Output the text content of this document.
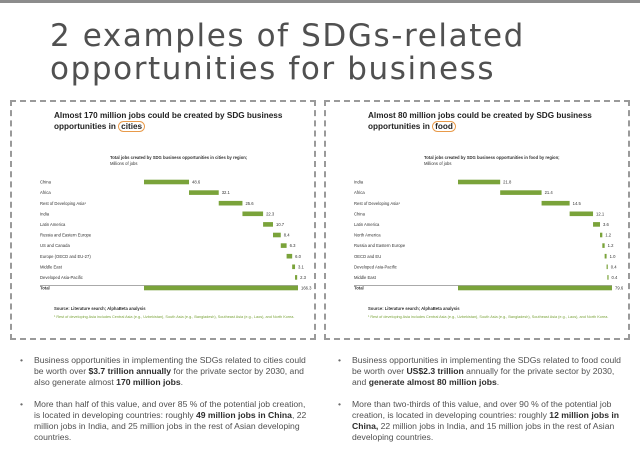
2 examples of SDGs-related
opportunities for business
Almost 170 million jobs could be created by SDG business opportunities in cities
Total jobs created by SDG business opportunities in cities by region;
Millions of jobs
China	48.6
Africa	32.1
Rest of Developing Asia¹	25.6
India	22.3
Latin America	10.7
Russia and Eastern Europe	8.4
US and Canada	6.3
Europe (OECD and EU-27)	6.0
Middle East	3.1
Developed Asia-Pacific	2.3
Total	166.3
Source: Literature search; AlphaBeta analysis
¹ Rest of developing Asia includes Central Asia (e.g., Uzbekistan), South Asia (e.g., Bangladesh), Southeast Asia (e.g., Laos), and North Korea.
Almost 80 million jobs could be created by SDG business opportunities in food
Total jobs created by SDG business opportunities in food by region;
Millions of jobs
India	21.8
Africa	21.4
Rest of Developing Asia¹	14.5
China	12.1
Latin America	3.6
North America	1.2
Russia and Eastern Europe	1.2
OECD and EU	1.0
Developed Asia-Pacific	0.4
Middle East	0.4
Total	79.6
Source: Literature search; AlphaBeta analysis
¹ Rest of developing Asia includes Central Asia (e.g., Uzbekistan), South Asia (e.g., Bangladesh), Southeast Asia (e.g., Laos), and North Korea.
• Business opportunities in implementing the SDGs related to cities could be worth over $3.7 trillion annually for the private sector by 2030, and also generate almost 170 million jobs.
• More than half of this value, and over 85 % of the potential job creation, is located in developing countries: roughly 49 million jobs in China, 22 million jobs in India, and 25 million jobs in the rest of Asian developing countries.
• Business opportunities in implementing the SDGs related to food could be worth over US$2.3 trillion annually for the private sector by 2030, and generate almost 80 million jobs.
• More than two-thirds of this value, and over 90 % of the potential job creation, is located in developing countries: roughly 12 million jobs in China, 22 million jobs in India, and 15 million jobs in the rest of Asian developing countries.
